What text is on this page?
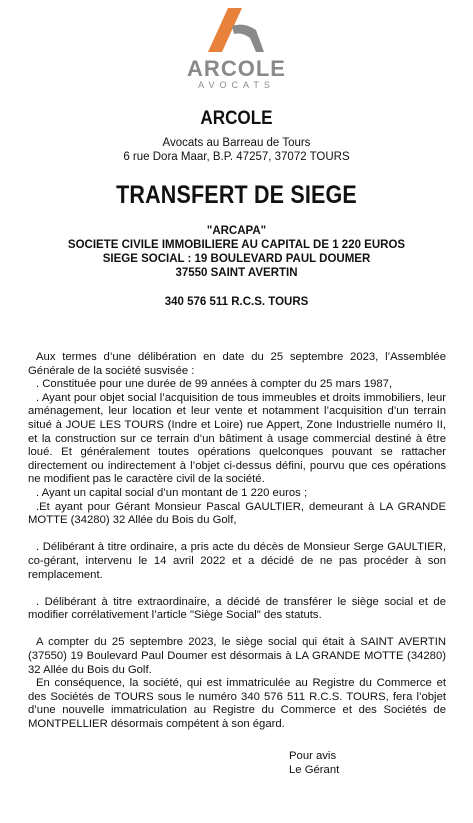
ARCOLE
AVOCATS
ARCOLE
Avocats au Barreau de Tours
6 rue Dora Maar, B.P. 47257, 37072 TOURS
TRANSFERT DE SIEGE
"ARCAPA"
SOCIETE CIVILE IMMOBILIERE AU CAPITAL DE 1 220 EUROS
SIEGE SOCIAL : 19 BOULEVARD PAUL DOUMER
37550 SAINT AVERTIN
340 576 511 R.C.S. TOURS

Aux termes d’une délibération en date du 25 septembre 2023, l’Assemblée Générale de la société susvisée :

. Constituée pour une durée de 99 années à compter du 25 mars 1987,

. Ayant pour objet social l’acquisition de tous immeubles et droits immobiliers, leur aménagement, leur location et leur vente et notamment l’acquisition d’un terrain situé à JOUE LES TOURS (Indre et Loire) rue Appert, Zone Industrielle numéro II, et la construction sur ce terrain d’un bâtiment à usage commercial destiné à être loué. Et généralement toutes opérations quelconques pouvant se rattacher directement ou indirectement à l’objet ci-dessus défini, pourvu que ces opérations ne modifient pas le caractère civil de la société.

. Ayant un capital social d’un montant de 1 220 euros ;

.Et ayant pour Gérant Monsieur Pascal GAULTIER, demeurant à LA GRANDE MOTTE (34280) 32 Allée du Bois du Golf,

. Délibérant à titre ordinaire, a pris acte du décès de Monsieur Serge GAULTIER, co-gérant, intervenu le 14 avril 2022 et a décidé de ne pas procéder à son remplacement.

. Délibérant à titre extraordinaire, a décidé de transférer le siège social et de modifier corrélativement l’article "Siège Social" des statuts.

A compter du 25 septembre 2023, le siège social qui était à SAINT AVERTIN (37550) 19 Boulevard Paul Doumer est désormais à LA GRANDE MOTTE (34280) 32 Allée du Bois du Golf.

En conséquence, la société, qui est immatriculée au Registre du Commerce et des Sociétés de TOURS sous le numéro 340 576 511 R.C.S. TOURS, fera l’objet d’une nouvelle immatriculation au Registre du Commerce et des Sociétés de MONTPELLIER désormais compétent à son égard.

Pour avis
Le Gérant
